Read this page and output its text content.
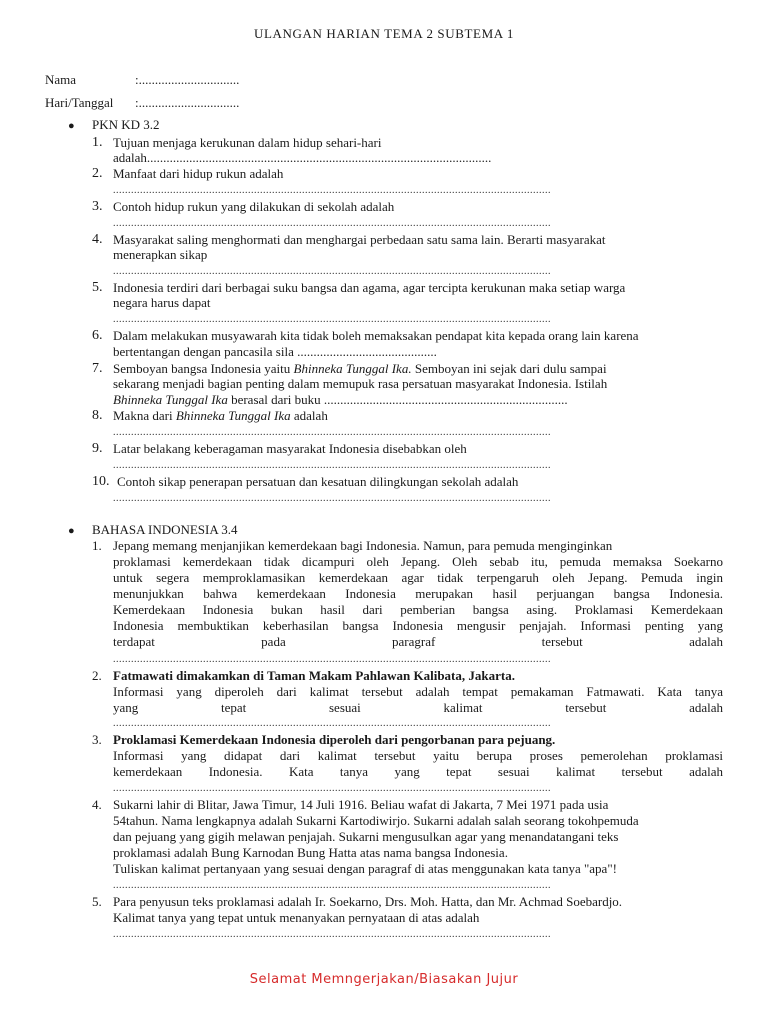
ULANGAN HARIAN TEMA 2 SUBTEMA 1
Nama	:...............................
Hari/Tanggal :...............................
● PKN KD 3.2
1. Tujuan menjaga kerukunan dalam hidup sehari-hari
adalah..........................................................................................................
2. Manfaat dari hidup rukun adalah
..................................................................................................................................................
3. Contoh hidup rukun yang dilakukan di sekolah adalah
..................................................................................................................................................
4. Masyarakat saling menghormati dan menghargai perbedaan satu sama lain. Berarti masyarakat
menerapkan sikap
..................................................................................................................................................
5. Indonesia terdiri dari berbagai suku bangsa dan agama, agar tercipta kerukunan maka setiap warga
negara harus dapat
..................................................................................................................................................
6. Dalam melakukan musyawarah kita tidak boleh memaksakan pendapat kita kepada orang lain karena
bertentangan dengan pancasila sila ...........................................
7. Semboyan bangsa Indonesia yaitu Bhinneka Tunggal Ika. Semboyan ini sejak dari dulu sampai
sekarang menjadi bagian penting dalam memupuk rasa persatuan masyarakat Indonesia. Istilah
Bhinneka Tunggal Ika berasal dari buku ...........................................................................
8. Makna dari Bhinneka Tunggal Ika adalah
..................................................................................................................................................
9. Latar belakang keberagaman masyarakat Indonesia disebabkan oleh
..................................................................................................................................................
10. Contoh sikap penerapan persatuan dan kesatuan dilingkungan sekolah adalah
..................................................................................................................................................
● BAHASA INDONESIA 3.4
1. Jepang memang menjanjikan kemerdekaan bagi Indonesia. Namun, para pemuda menginginkan
proklamasi kemerdekaan tidak dicampuri oleh Jepang. Oleh sebab itu, pemuda memaksa Soekarno
untuk segera memproklamasikan kemerdekaan agar tidak terpengaruh oleh Jepang. Pemuda ingin
menunjukkan bahwa kemerdekaan Indonesia merupakan hasil perjuangan bangsa Indonesia.
Kemerdekaan Indonesia bukan hasil dari pemberian bangsa asing. Proklamasi Kemerdekaan
Indonesia membuktikan keberhasilan bangsa Indonesia mengusir penjajah. Informasi penting yang
terdapat pada paragraf tersebut adalah
..................................................................................................................................................
2. Fatmawati dimakamkan di Taman Makam Pahlawan Kalibata, Jakarta.
Informasi yang diperoleh dari kalimat tersebut adalah tempat pemakaman Fatmawati. Kata tanya
yang tepat sesuai kalimat tersebut adalah
..................................................................................................................................................
3. Proklamasi Kemerdekaan Indonesia diperoleh dari pengorbanan para pejuang.
Informasi yang didapat dari kalimat tersebut yaitu berupa proses pemerolehan proklamasi
kemerdekaan Indonesia. Kata tanya yang tepat sesuai kalimat tersebut adalah
..................................................................................................................................................
4. Sukarni lahir di Blitar, Jawa Timur, 14 Juli 1916. Beliau wafat di Jakarta, 7 Mei 1971 pada usia
54tahun. Nama lengkapnya adalah Sukarni Kartodiwirjo. Sukarni adalah salah seorang tokohpemuda
dan pejuang yang gigih melawan penjajah. Sukarni mengusulkan agar yang menandatangani teks
proklamasi adalah Bung Karnodan Bung Hatta atas nama bangsa Indonesia.
Tuliskan kalimat pertanyaan yang sesuai dengan paragraf di atas menggunakan kata tanya "apa"!
..................................................................................................................................................
5. Para penyusun teks proklamasi adalah Ir. Soekarno, Drs. Moh. Hatta, dan Mr. Achmad Soebardjo.
Kalimat tanya yang tepat untuk menanyakan pernyataan di atas adalah
..................................................................................................................................................
Selamat Memngerjakan/Biasakan Jujur
